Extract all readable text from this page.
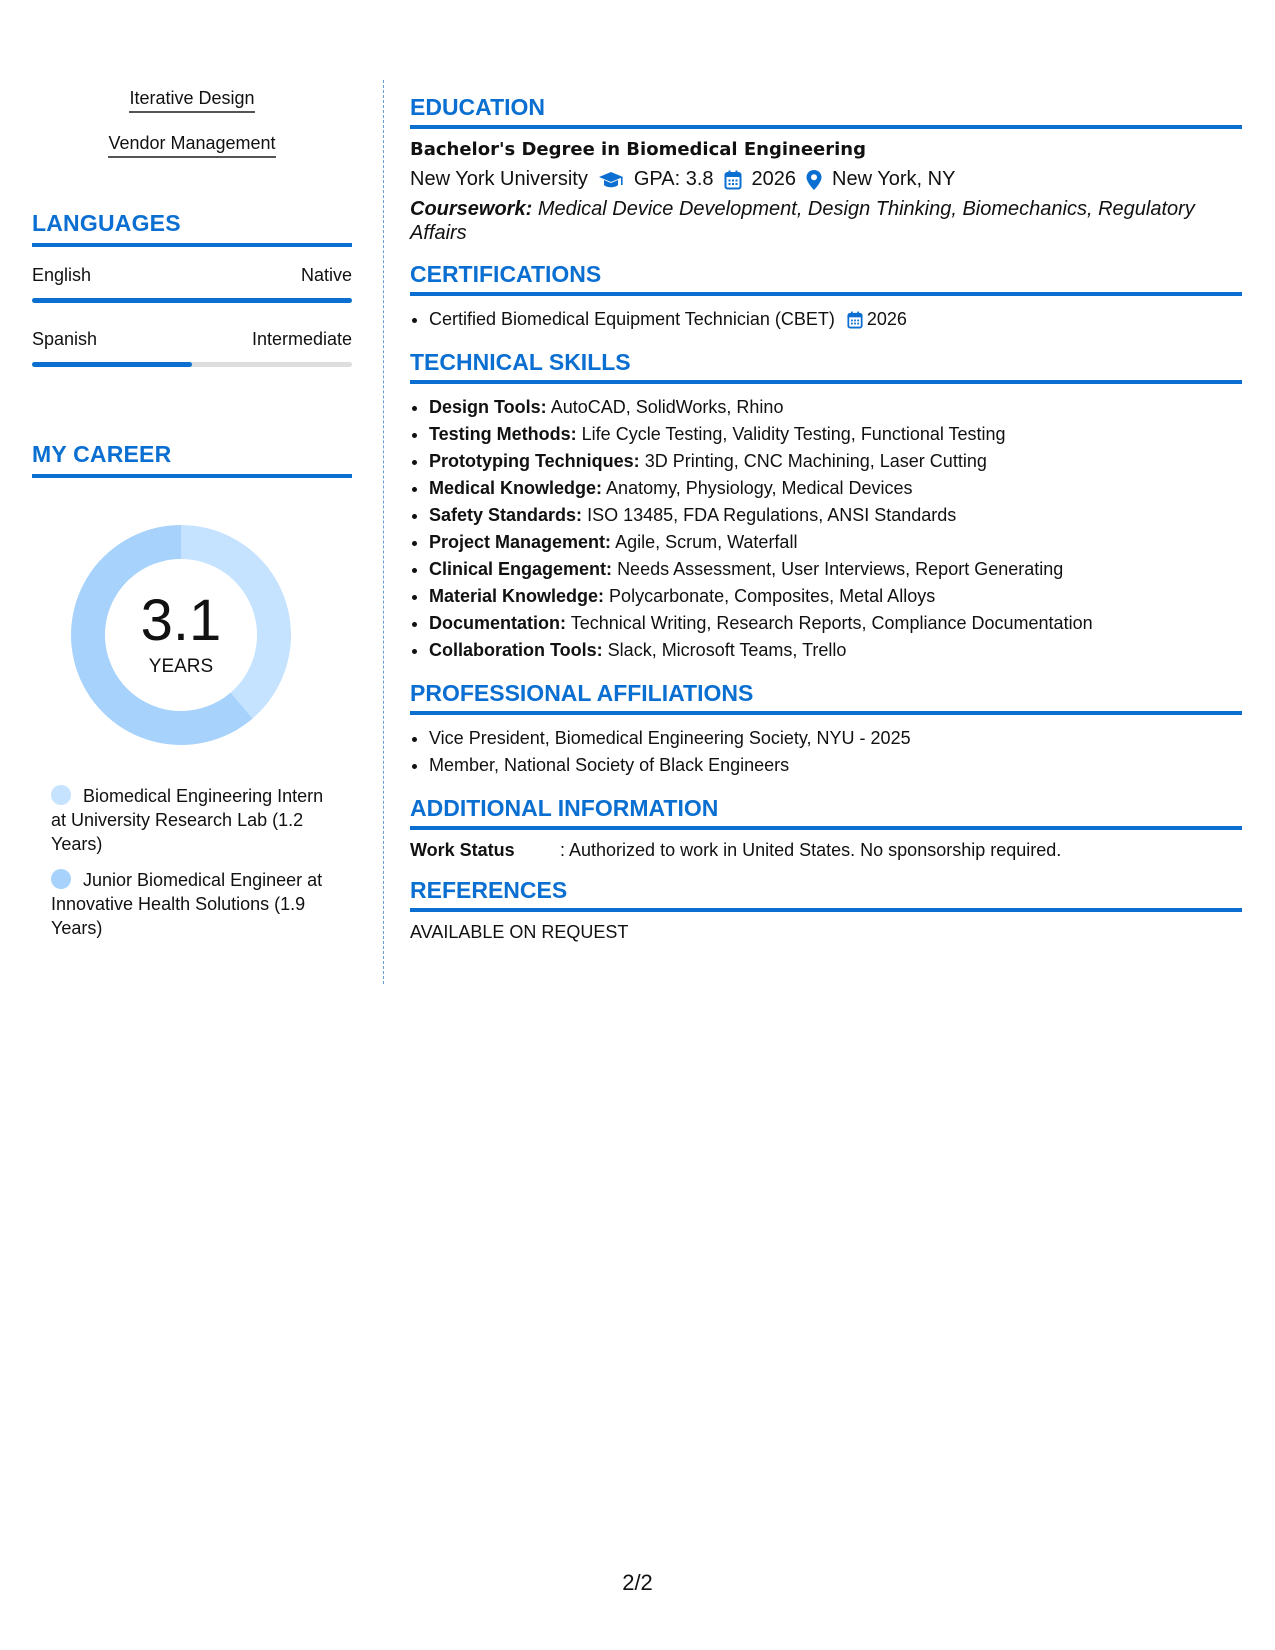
Iterative Design
Vendor Management
LANGUAGES
English	Native
Spanish	Intermediate
MY CAREER
3.1
YEARS
Biomedical Engineering Intern at University Research Lab (1.2 Years)
Junior Biomedical Engineer at Innovative Health Solutions (1.9 Years)
EDUCATION
Bachelor's Degree in Biomedical Engineering
New York University GPA: 3.8 2026 New York, NY
Coursework: Medical Device Development, Design Thinking, Biomechanics, Regulatory Affairs
CERTIFICATIONS
• Certified Biomedical Equipment Technician (CBET) 2026
TECHNICAL SKILLS
• Design Tools: AutoCAD, SolidWorks, Rhino
• Testing Methods: Life Cycle Testing, Validity Testing, Functional Testing
• Prototyping Techniques: 3D Printing, CNC Machining, Laser Cutting
• Medical Knowledge: Anatomy, Physiology, Medical Devices
• Safety Standards: ISO 13485, FDA Regulations, ANSI Standards
• Project Management: Agile, Scrum, Waterfall
• Clinical Engagement: Needs Assessment, User Interviews, Report Generating
• Material Knowledge: Polycarbonate, Composites, Metal Alloys
• Documentation: Technical Writing, Research Reports, Compliance Documentation
• Collaboration Tools: Slack, Microsoft Teams, Trello
PROFESSIONAL AFFILIATIONS
• Vice President, Biomedical Engineering Society, NYU - 2025
• Member, National Society of Black Engineers
ADDITIONAL INFORMATION
Work Status	: Authorized to work in United States. No sponsorship required.
REFERENCES
AVAILABLE ON REQUEST
2/2
